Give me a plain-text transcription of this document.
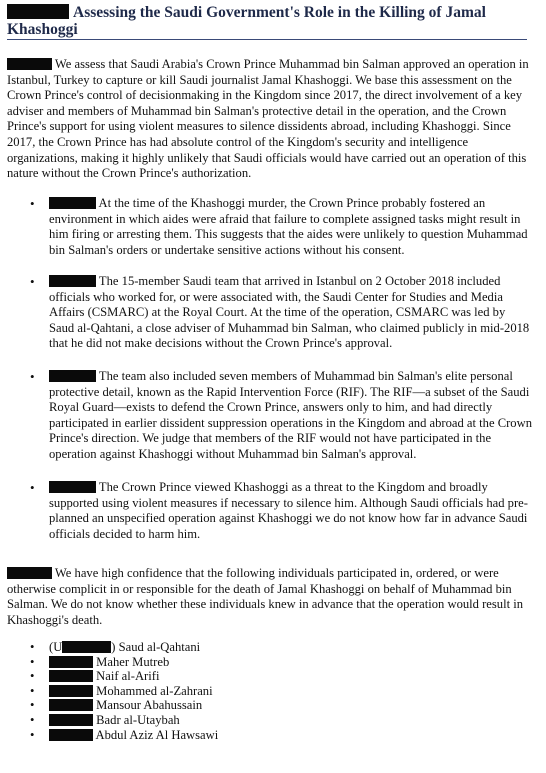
Assessing the Saudi Government's Role in the Killing of Jamal Khashoggi
We assess that Saudi Arabia's Crown Prince Muhammad bin Salman approved an operation in Istanbul, Turkey to capture or kill Saudi journalist Jamal Khashoggi. We base this assessment on the Crown Prince's control of decisionmaking in the Kingdom since 2017, the direct involvement of a key adviser and members of Muhammad bin Salman's protective detail in the operation, and the Crown Prince's support for using violent measures to silence dissidents abroad, including Khashoggi. Since 2017, the Crown Prince has had absolute control of the Kingdom's security and intelligence organizations, making it highly unlikely that Saudi officials would have carried out an operation of this nature without the Crown Prince's authorization.
•	At the time of the Khashoggi murder, the Crown Prince probably fostered an environment in which aides were afraid that failure to complete assigned tasks might result in him firing or arresting them. This suggests that the aides were unlikely to question Muhammad bin Salman's orders or undertake sensitive actions without his consent.
•	The 15-member Saudi team that arrived in Istanbul on 2 October 2018 included officials who worked for, or were associated with, the Saudi Center for Studies and Media Affairs (CSMARC) at the Royal Court. At the time of the operation, CSMARC was led by Saud al-Qahtani, a close adviser of Muhammad bin Salman, who claimed publicly in mid-2018 that he did not make decisions without the Crown Prince's approval.
•	The team also included seven members of Muhammad bin Salman's elite personal protective detail, known as the Rapid Intervention Force (RIF). The RIF—a subset of the Saudi Royal Guard—exists to defend the Crown Prince, answers only to him, and had directly participated in earlier dissident suppression operations in the Kingdom and abroad at the Crown Prince's direction. We judge that members of the RIF would not have participated in the operation against Khashoggi without Muhammad bin Salman's approval.
•	The Crown Prince viewed Khashoggi as a threat to the Kingdom and broadly supported using violent measures if necessary to silence him. Although Saudi officials had pre-planned an unspecified operation against Khashoggi we do not know how far in advance Saudi officials decided to harm him.
We have high confidence that the following individuals participated in, ordered, or were otherwise complicit in or responsible for the death of Jamal Khashoggi on behalf of Muhammad bin Salman. We do not know whether these individuals knew in advance that the operation would result in Khashoggi's death.
• (U	) Saud al-Qahtani
•	Maher Mutreb
•	Naif al-Arifi
•	Mohammed al-Zahrani
•	Mansour Abahussain
•	Badr al-Utaybah
•	Abdul Aziz Al Hawsawi
